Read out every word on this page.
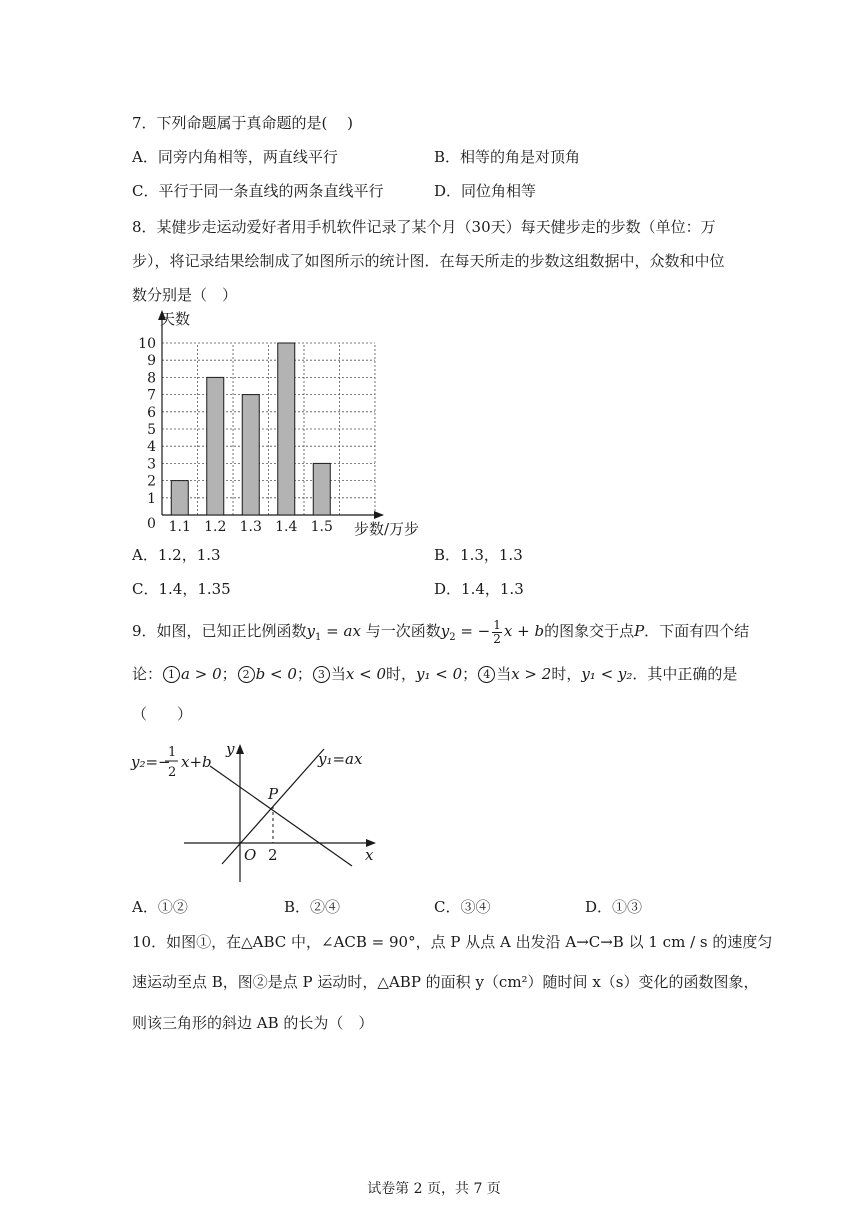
7．下列命题属于真命题的是(　 )
A．同旁内角相等，两直线平行	B．相等的角是对顶角
C．平行于同一条直线的两条直线平行	D．同位角相等
8．某健步走运动爱好者用手机软件记录了某个月（30天）每天健步走的步数（单位：万
步），将记录结果绘制成了如图所示的统计图．在每天所走的步数这组数据中，众数和中位
数分别是（　）
1
2
3
4
5
6
7
8
9
10
1.1 1.2 1.3 1.4 1.5
天数
步数/万步
0
A．1.2，1.3	B．1.3，1.3
C．1.4，1.35	D．1.4，1.3
9．如图，已知正比例函数$y_1$ = ax 与一次函数$y_2$ = − $\frac{1}{2}$ x + b的图象交于点P．下面有四个结
论： 1 a > 0； 2 b < 0； 3 当x < 0时，y₁ < 0； 4 当x > 2时，y₁ < y₂．其中正确的是
（　　）
y
x
O 2
P
y₁=ax
y₂=−
1
2
x+b
A．①②	B．②④	C．③④	D．①③
10．如图①，在△ABC 中，∠ACB = 90°，点 P 从点 A 出发沿 A→C→B 以 1 cm / s 的速度匀
速运动至点 B，图②是点 P 运动时，△ABP 的面积 y（cm²）随时间 x（s）变化的函数图象，
则该三角形的斜边 AB 的长为（　）
试卷第 2 页，共 7 页
